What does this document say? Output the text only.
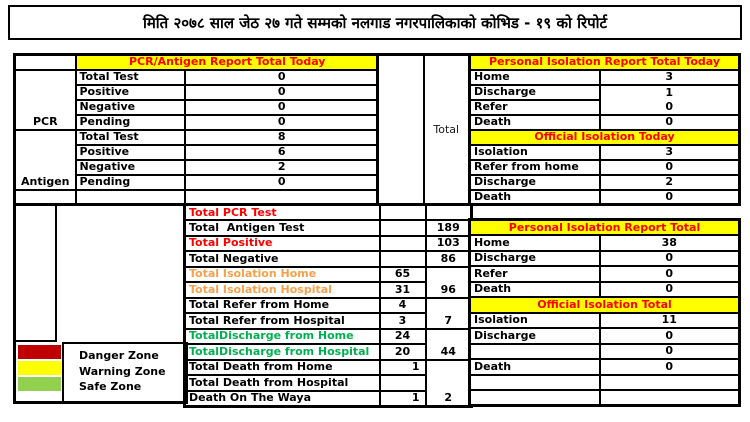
मिति २०७८ साल जेठ २७ गते सम्मको नलगाड नगरपालिकाको कोभिड - १९ को रिपोर्ट
	PCR/Antigen Report Total Today	
PCR	Total Test	0
	Positive	0
	Negative	0
	Pending	0
Antigen	Total Test	8
	Positive	6
	Negative	2
	Pending	0

	Total
Personal Isolation Report Total Today	
Home	3
Discharge	1
Refer	0
Death	0
Official Isolation Today	
Isolation	3
Refer from home	0
Discharge	2
Death	0
Total PCR Test		
Total  Antigen Test		189
Total Positive		103
Total Negative		86
Total Isolation Home	65	96
Total Isolation Hospital	31	
Total Refer from Home	4	7
Total Refer from Hospital	3	
TotalDischarge from Home	24	44
TotalDischarge from Hospital	20	
Total Death from Home	1	2
Total Death from Hospital		
Death On The Waya	1	
Personal Isolation Report Total	
Home	38
Discharge	0
Refer	0
Death	0
Official Isolation Total	
Isolation	11
Discharge	0
	0
Death	0

Danger Zone
Warning Zone
Safe Zone
